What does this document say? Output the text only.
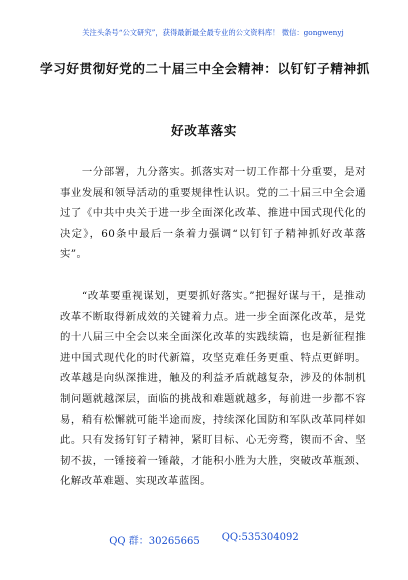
关注头条号“公文研究”，获得最新最全最专业的公文资料库！ 微信：gongwenyj
学习好贯彻好党的二十届三中全会精神：以钉钉子精神抓
好改革落实

一分部署，九分落实。抓落实对一切工作都十分重要，是对事业发展和领导活动的重要规律性认识。党的二十届三中全会通过了《中共中央关于进一步全面深化改革、推进中国式现代化的决定》，60条中最后一条着力强调“以钉钉子精神抓好改革落实”。

“改革要重视谋划，更要抓好落实。”把握好谋与干，是推动改革不断取得新成效的关键着力点。进一步全面深化改革，是党的十八届三中全会以来全面深化改革的实践续篇，也是新征程推进中国式现代化的时代新篇，攻坚克难任务更重、特点更鲜明。改革越是向纵深推进，触及的利益矛盾就越复杂，涉及的体制机制问题就越深层，面临的挑战和难题就越多，每前进一步都不容易，稍有松懈就可能半途而废，持续深化国防和军队改革同样如此。只有发扬钉钉子精神，紧盯目标、心无旁骛，锲而不舍、坚韧不拔，一锤接着一锤敲，才能积小胜为大胜，突破改革瓶颈、化解改革难题、实现改革蓝图。

QQ 群：30265665 QQ:535304092
